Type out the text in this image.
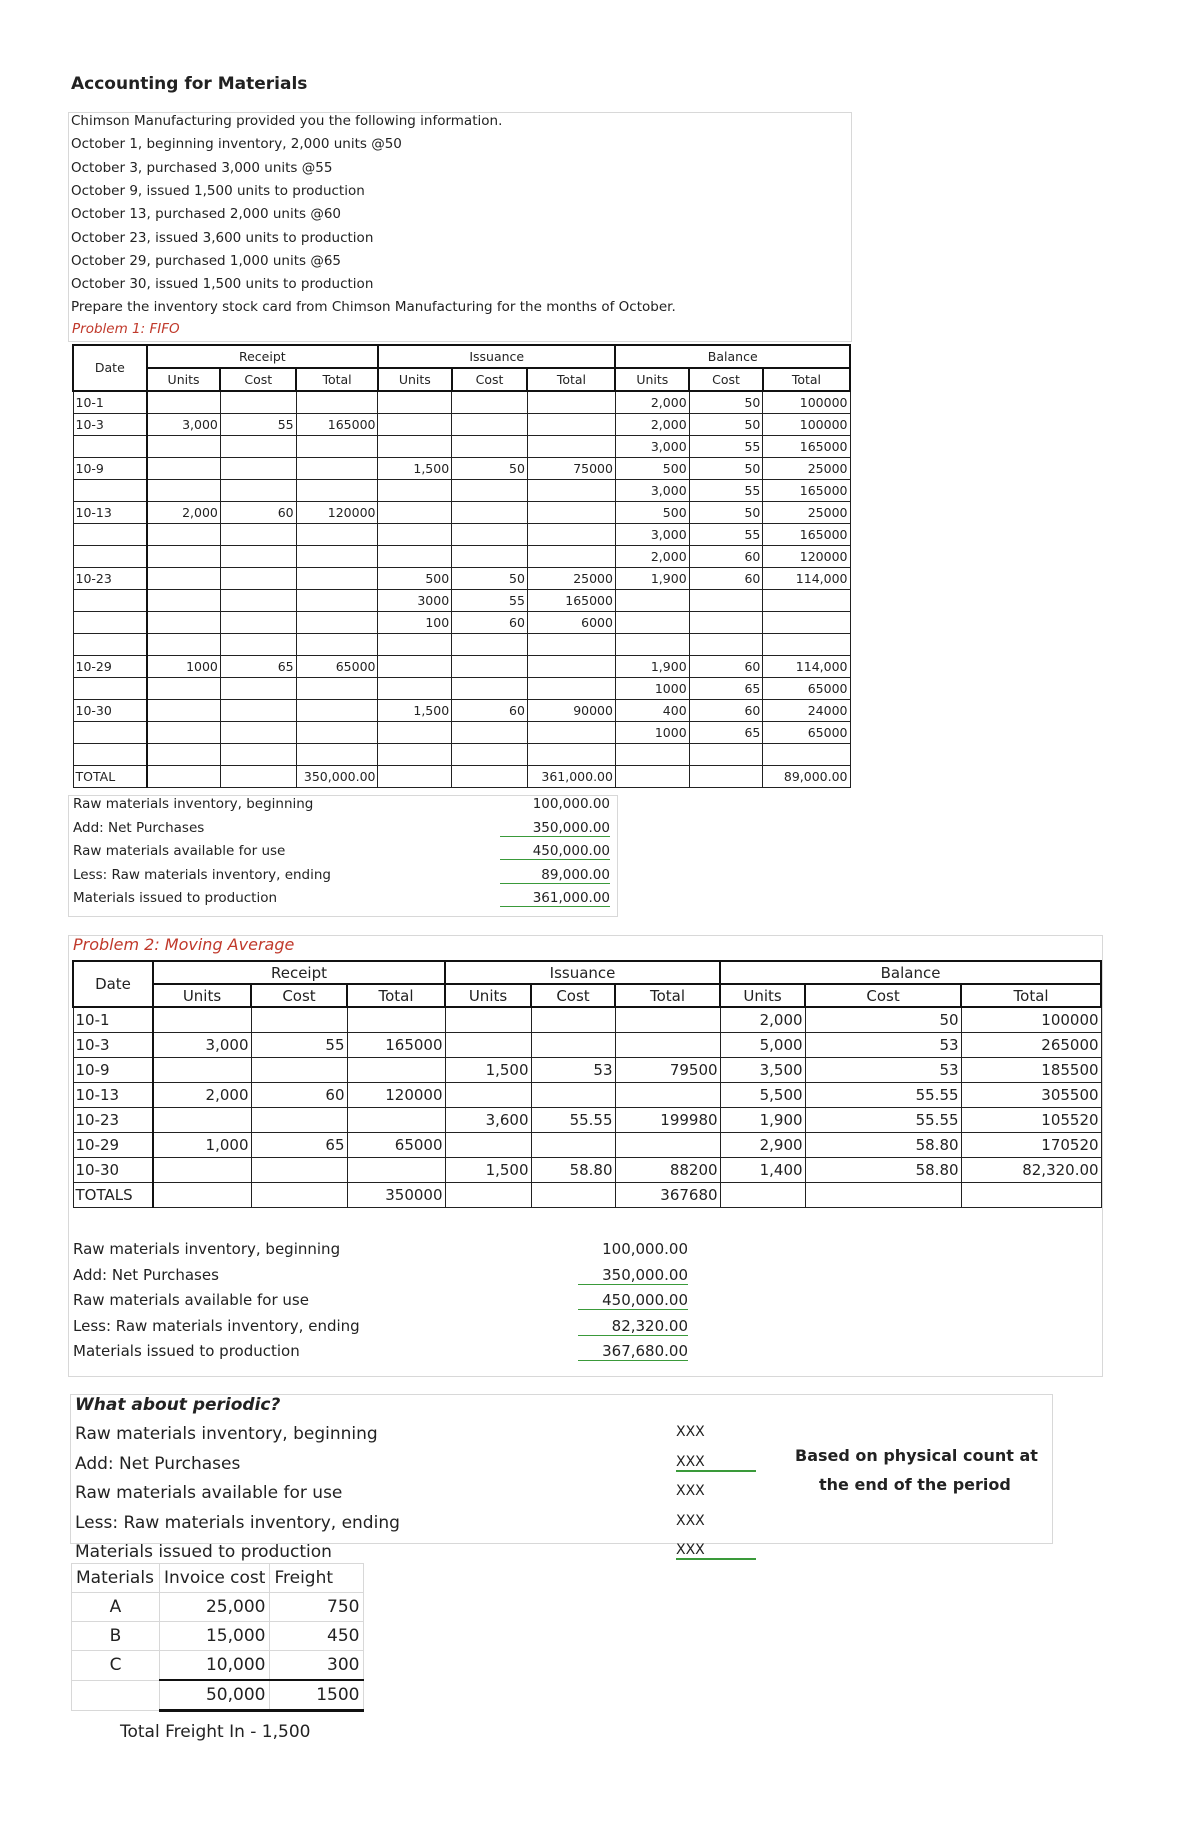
Accounting for Materials
Chimson Manufacturing provided you the following information.
October 1, beginning inventory, 2,000 units @50
October 3, purchased 3,000 units @55
October 9, issued 1,500 units to production
October 13, purchased 2,000 units @60
October 23, issued 3,600 units to production
October 29, purchased 1,000 units @65
October 30, issued 1,500 units to production
Prepare the inventory stock card from Chimson Manufacturing for the months of October.
Problem 1: FIFO
Date	Receipt			Issuance			Balance		
	Units	Cost	Total	Units	Cost	Total	Units	Cost	Total
10-1							2,000	50	100000
10-3	3,000	55	165000				2,000	50	100000
							3,000	55	165000
10-9				1,500	50	75000	500	50	25000
							3,000	55	165000
10-13	2,000	60	120000				500	50	25000
							3,000	55	165000
							2,000	60	120000
10-23				500	50	25000	1,900	60	114,000
				3000	55	165000			
				100	60	6000			

10-29	1000	65	65000				1,900	60	114,000
							1000	65	65000
10-30				1,500	60	90000	400	60	24000
							1000	65	65000

TOTAL			350,000.00			361,000.00			89,000.00
Raw materials inventory, beginning	100,000.00
Add: Net Purchases	350,000.00
Raw materials available for use	450,000.00
Less: Raw materials inventory, ending	89,000.00
Materials issued to production	361,000.00
Problem 2: Moving Average
Date	Receipt			Issuance			Balance		
	Units	Cost	Total	Units	Cost	Total	Units	Cost	Total
10-1							2,000	50	100000
10-3	3,000	55	165000				5,000	53	265000
10-9				1,500	53	79500	3,500	53	185500
10-13	2,000	60	120000				5,500	55.55	305500
10-23				3,600	55.55	199980	1,900	55.55	105520
10-29	1,000	65	65000				2,900	58.80	170520
10-30				1,500	58.80	88200	1,400	58.80	82,320.00
TOTALS			350000			367680			
Raw materials inventory, beginning	100,000.00
Add: Net Purchases	350,000.00
Raw materials available for use	450,000.00
Less: Raw materials inventory, ending	82,320.00
Materials issued to production	367,680.00
What about periodic?
Raw materials inventory, beginning	XXX
Add: Net Purchases	XXX
Raw materials available for use	XXX
Less: Raw materials inventory, ending	XXX
Materials issued to production	XXX
Based on physical count at
the end of the period
Materials	Invoice cost	Freight
A	25,000	750
B	15,000	450
C	10,000	300
	50,000	1500
Total Freight In - 1,500
